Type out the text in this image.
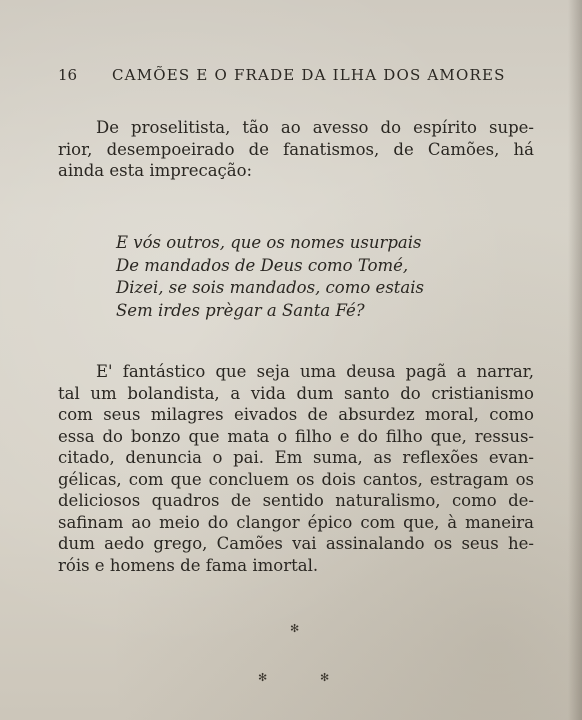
16 CAMÕES E O FRADE DA ILHA DOS AMORES
De proselitista, tão ao avesso do espírito supe-
rior, desempoeirado de fanatismos, de Camões, há
ainda esta imprecação:
E vós outros, que os nomes usurpais
De mandados de Deus como Tomé,
Dizei, se sois mandados, como estais
Sem irdes prègar a Santa Fé?
E' fantástico que seja uma deusa pagã a narrar,
tal um bolandista, a vida dum santo do cristianismo
com seus milagres eivados de absurdez moral, como
essa do bonzo que mata o filho e do filho que, ressus-
citado, denuncia o pai. Em suma, as reflexões evan-
gélicas, com que concluem os dois cantos, estragam os
deliciosos quadros de sentido naturalismo, como de-
safinam ao meio do clangor épico com que, à maneira
dum aedo grego, Camões vai assinalando os seus he-
róis e homens de fama imortal.
✻
✻	✻
